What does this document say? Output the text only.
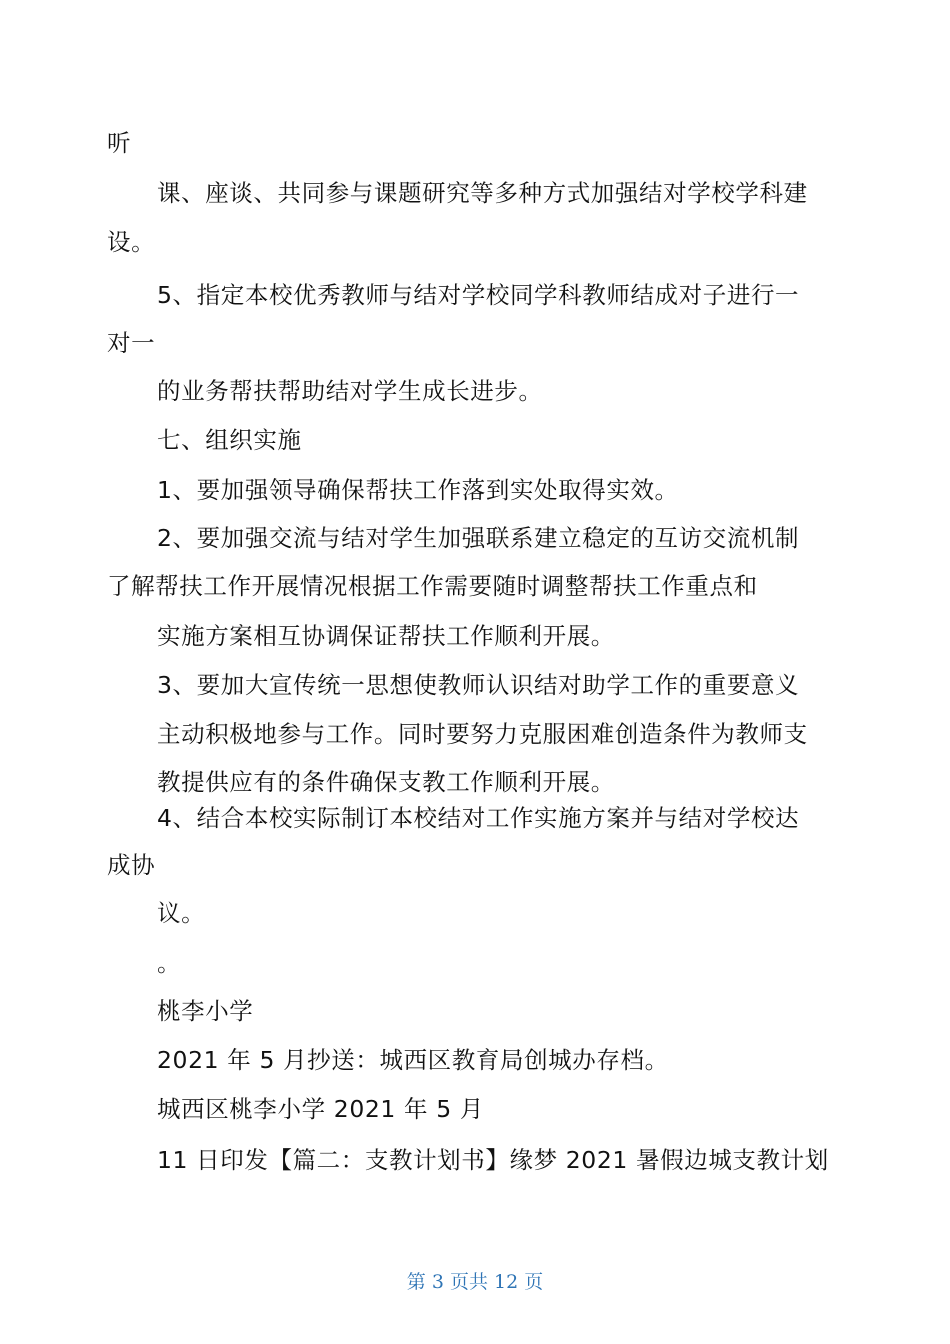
听

课、座谈、共同参与课题研究等多种方式加强结对学校学科建

设。

5、指定本校优秀教师与结对学校同学科教师结成对子进行一

对一

的业务帮扶帮助结对学生成长进步。

七、组织实施

1、要加强领导确保帮扶工作落到实处取得实效。

2、要加强交流与结对学生加强联系建立稳定的互访交流机制

了解帮扶工作开展情况根据工作需要随时调整帮扶工作重点和

实施方案相互协调保证帮扶工作顺利开展。

3、要加大宣传统一思想使教师认识结对助学工作的重要意义

主动积极地参与工作。同时要努力克服困难创造条件为教师支

教提供应有的条件确保支教工作顺利开展。

4、结合本校实际制订本校结对工作实施方案并与结对学校达

成协

议。

。

桃李小学

2021 年 5 月抄送：城西区教育局创城办存档。

城西区桃李小学 2021 年 5 月

11 日印发【篇二：支教计划书】缘梦 2021 暑假边城支教计划

第 3 页共 12 页
